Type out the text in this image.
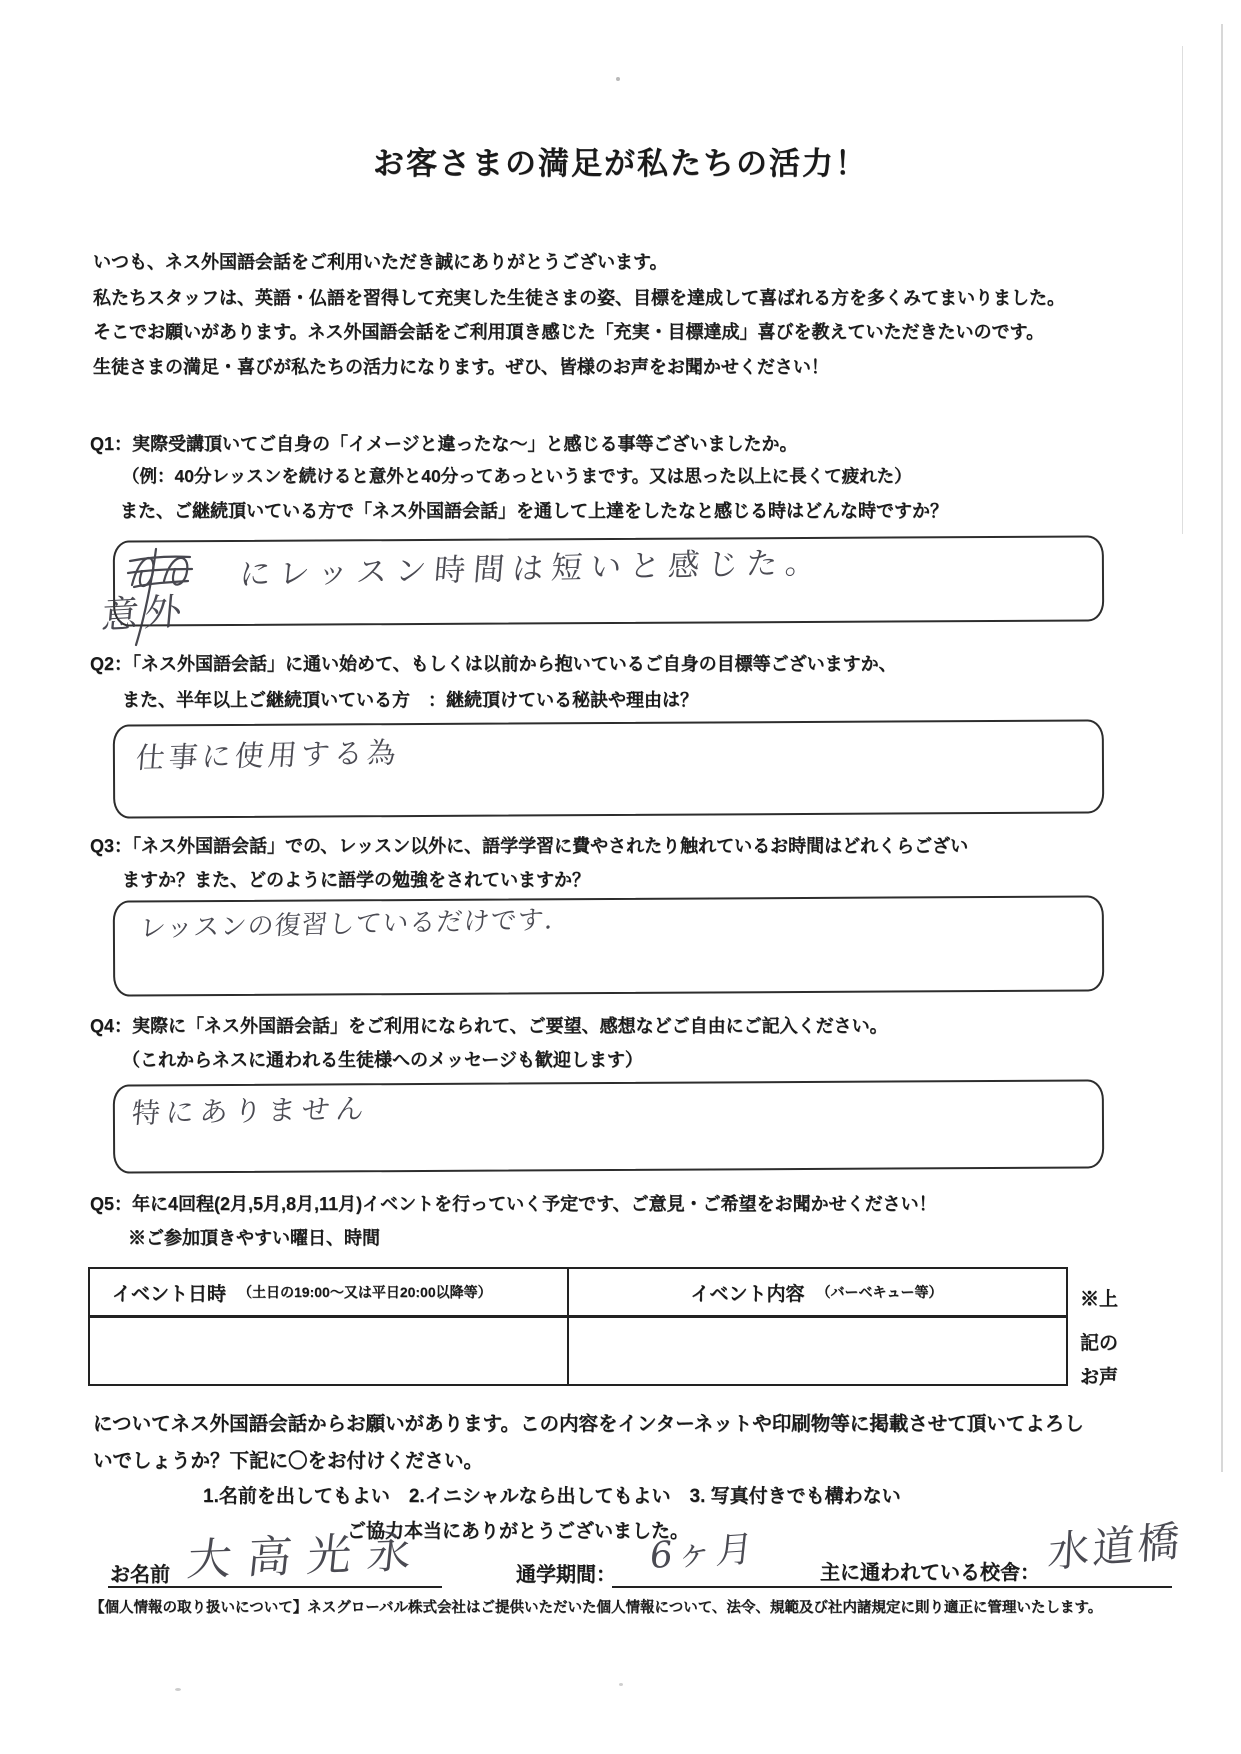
お客さまの満足が私たちの活力！
いつも、ネス外国語会話をご利用いただき誠にありがとうございます。
私たちスタッフは、英語・仏語を習得して充実した生徒さまの姿、目標を達成して喜ばれる方を多くみてまいりました。
そこでお願いがあります。ネス外国語会話をご利用頂き感じた「充実・目標達成」喜びを教えていただきたいのです。
生徒さまの満足・喜びが私たちの活力になります。ぜひ、皆様のお声をお聞かせください！
Q1：実際受講頂いてご自身の「イメージと違ったな～」と感じる事等ございましたか。
（例：40分レッスンを続けると意外と40分ってあっというまです。又は思った以上に長くて疲れた）
また、ご継続頂いている方で「ネス外国語会話」を通して上達をしたなと感じる時はどんな時ですか？
にレッスン時間は短いと感じた。
意外
Q2：「ネス外国語会話」に通い始めて、もしくは以前から抱いているご自身の目標等ございますか、
また、半年以上ご継続頂いている方　：継続頂けている秘訣や理由は？
仕事に使用する為
Q3：「ネス外国語会話」での、レッスン以外に、語学学習に費やされたり触れているお時間はどれくらござい
ますか？また、どのように語学の勉強をされていますか？
レッスンの復習しているだけです.
Q4：実際に「ネス外国語会話」をご利用になられて、ご要望、感想などご自由にご記入ください。
（これからネスに通われる生徒様へのメッセージも歓迎します）
特にありません
Q5：年に4回程(2月,5月,8月,11月)イベントを行っていく予定です、ご意見・ご希望をお聞かせください！
※ご参加頂きやすい曜日、時間
イベント日時 （土日の19:00～又は平日20:00以降等）	イベント内容 （バーベキュー等）	※上
記の
お声
についてネス外国語会話からお願いがあります。この内容をインターネットや印刷物等に掲載させて頂いてよろし
いでしょうか？下記に〇をお付けください。
1.名前を出してもよい　2.イニシャルなら出してもよい　3. 写真付きでも構わない
ご協力本当にありがとうございました。
お名前 大高光永	通学期間： 6ヶ月	主に通われている校舎： 水道橋
【個人情報の取り扱いについて】ネスグローバル株式会社はご提供いただいた個人情報について、法令、規範及び社内諸規定に則り適正に管理いたします。
